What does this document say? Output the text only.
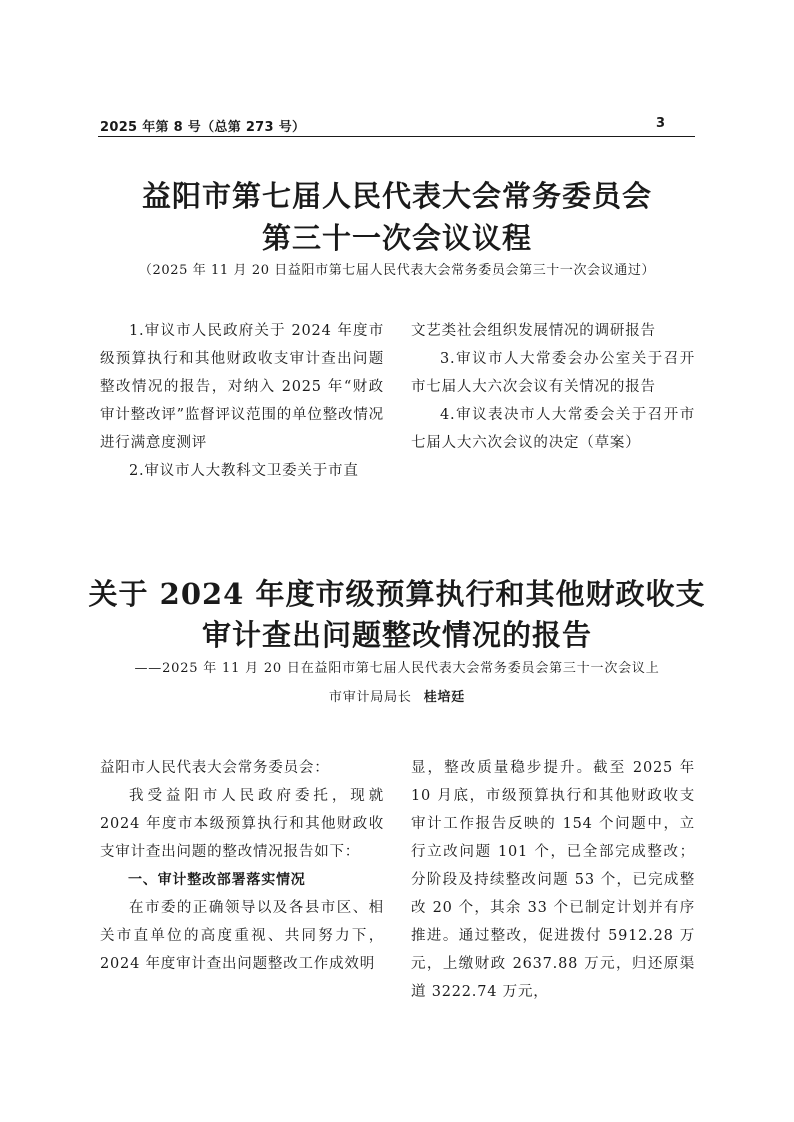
2025 年第 8 号（总第 273 号）	3
益阳市第七届人民代表大会常务委员会
第三十一次会议议程
（2025 年 11 月 20 日益阳市第七届人民代表大会常务委员会第三十一次会议通过）

1.审议市人民政府关于 2024 年度市级预算执行和其他财政收支审计查出问题整改情况的报告，对纳入 2025 年“财政审计整改评”监督评议范围的单位整改情况进行满意度测评

2.审议市人大教科文卫委关于市直

文艺类社会组织发展情况的调研报告

3.审议市人大常委会办公室关于召开市七届人大六次会议有关情况的报告

4.审议表决市人大常委会关于召开市七届人大六次会议的决定（草案）

关于 2024 年度市级预算执行和其他财政收支
审计查出问题整改情况的报告
——2025 年 11 月 20 日在益阳市第七届人民代表大会常务委员会第三十一次会议上
市审计局局长 桂培廷

益阳市人民代表大会常务委员会：

我受益阳市人民政府委托，现就 2024 年度市本级预算执行和其他财政收支审计查出问题的整改情况报告如下：

一、审计整改部署落实情况

在市委的正确领导以及各县市区、相关市直单位的高度重视、共同努力下，2024 年度审计查出问题整改工作成效明

显，整改质量稳步提升。截至 2025 年 10 月底，市级预算执行和其他财政收支审计工作报告反映的 154 个问题中，立行立改问题 101 个，已全部完成整改；分阶段及持续整改问题 53 个，已完成整改 20 个，其余 33 个已制定计划并有序推进。通过整改，促进拨付 5912.28 万元，上缴财政 2637.88 万元，归还原渠道 3222.74 万元，
